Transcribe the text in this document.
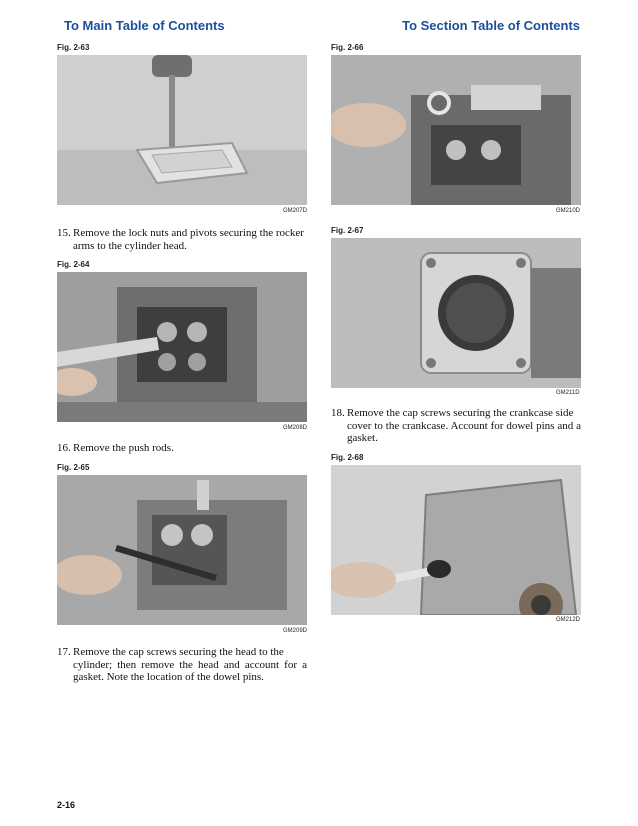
To Main Table of Contents	To Section Table of Contents
Fig. 2-63
GM207D
15. Remove the lock nuts and pivots securing the rocker
arms to the cylinder head.
Fig. 2-64
GM208D
16. Remove the push rods.
Fig. 2-65
GM209D
17. Remove the cap screws securing the head to the
cylinder; then remove the head and account for a gasket. Note the location of the dowel pins.
Fig. 2-66
GM210D
Fig. 2-67
GM211D
18. Remove the cap screws securing the crankcase side
cover to the crankcase. Account for dowel pins and a gasket.
Fig. 2-68
GM212D
2-16
